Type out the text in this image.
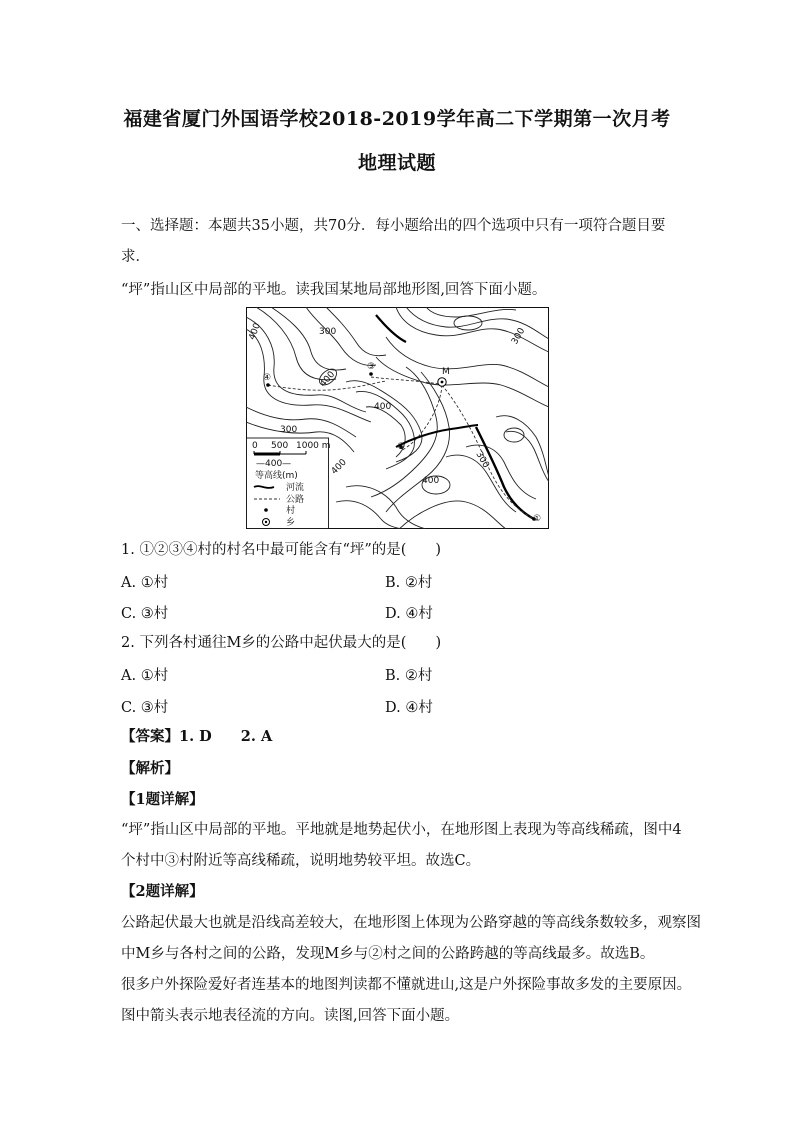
福建省厦门外国语学校2018-2019学年高二下学期第一次月考
地理试题
一、选择题：本题共35小题，共70分．每小题给出的四个选项中只有一项符合题目要
求．
“坪”指山区中局部的平地。读我国某地局部地形图,回答下面小题。
①
②
③
④
M
400	300	300
400
300
400
300
400
400
0 500 1000 m
—400—
等高线(m)
河流
公路
村
乡
1. ①②③④村的村名中最可能含有“坪”的是(　　)
A. ①村	B. ②村
C. ③村	D. ④村
2. 下列各村通往M乡的公路中起伏最大的是(　　)
A. ①村	B. ②村
C. ③村	D. ④村
【答案】1. D　　2. A
【解析】
【1题详解】
“坪”指山区中局部的平地。平地就是地势起伏小，在地形图上表现为等高线稀疏，图中4
个村中③村附近等高线稀疏，说明地势较平坦。故选C。
【2题详解】
公路起伏最大也就是沿线高差较大，在地形图上体现为公路穿越的等高线条数较多，观察图
中M乡与各村之间的公路，发现M乡与②村之间的公路跨越的等高线最多。故选B。
很多户外探险爱好者连基本的地图判读都不懂就进山,这是户外探险事故多发的主要原因。
图中箭头表示地表径流的方向。读图,回答下面小题。
